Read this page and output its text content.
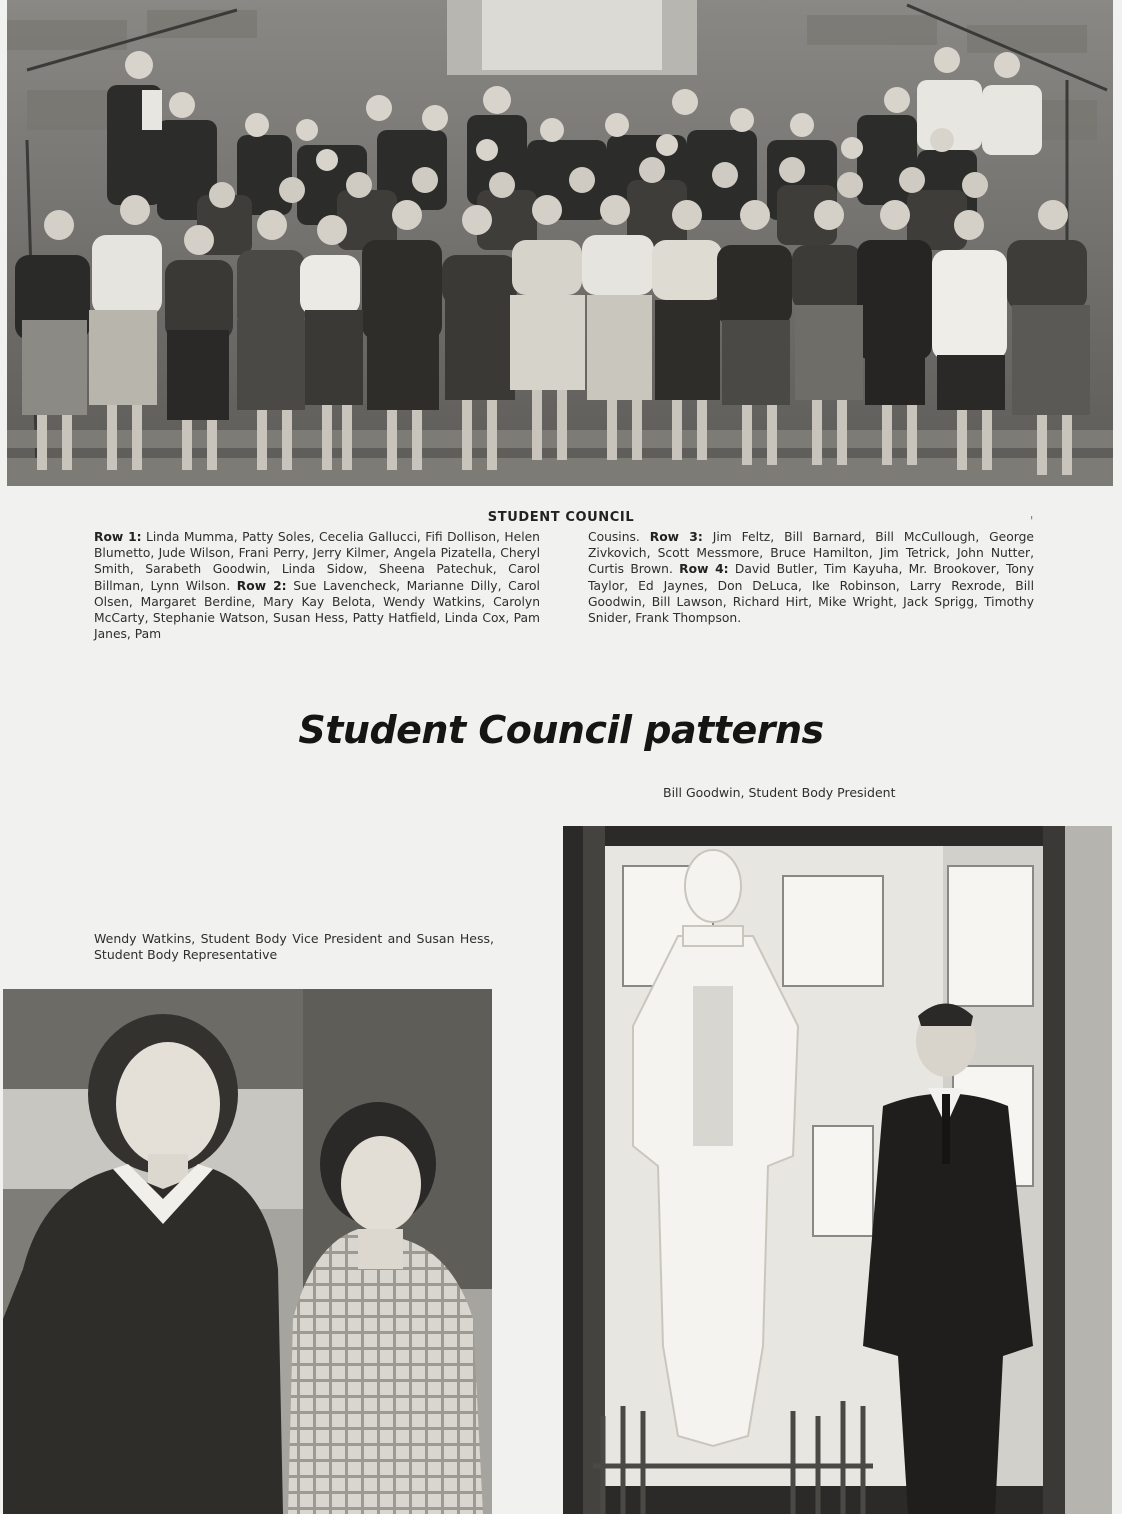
STUDENT COUNCIL

Row 1: Linda Mumma, Patty Soles, Cecelia Gallucci, Fifi Dollison, Helen Blumetto, Jude Wilson, Frani Perry, Jerry Kilmer, Angela Pizatella, Cheryl Smith, Sarabeth Goodwin, Linda Sidow, Sheena Patechuk, Carol Billman, Lynn Wilson. Row 2: Sue Lavencheck, Marianne Dilly, Carol Olsen, Margaret Berdine, Mary Kay Belota, Wendy Watkins, Carolyn McCarty, Stephanie Watson, Susan Hess, Patty Hatfield, Linda Cox, Pam Janes, Pam

Cousins. Row 3: Jim Feltz, Bill Barnard, Bill McCullough, George Zivkovich, Scott Messmore, Bruce Hamilton, Jim Tetrick, John Nutter, Curtis Brown. Row 4: David Butler, Tim Kayuha, Mr. Brookover, Tony Taylor, Ed Jaynes, Don DeLuca, Ike Robinson, Larry Rexrode, Bill Goodwin, Bill Lawson, Richard Hirt, Mike Wright, Jack Sprigg, Timothy Snider, Frank Thompson.

'
Student Council patterns
Bill Goodwin, Student Body President
Wendy Watkins, Student Body Vice President and Susan Hess, Student Body Representative
